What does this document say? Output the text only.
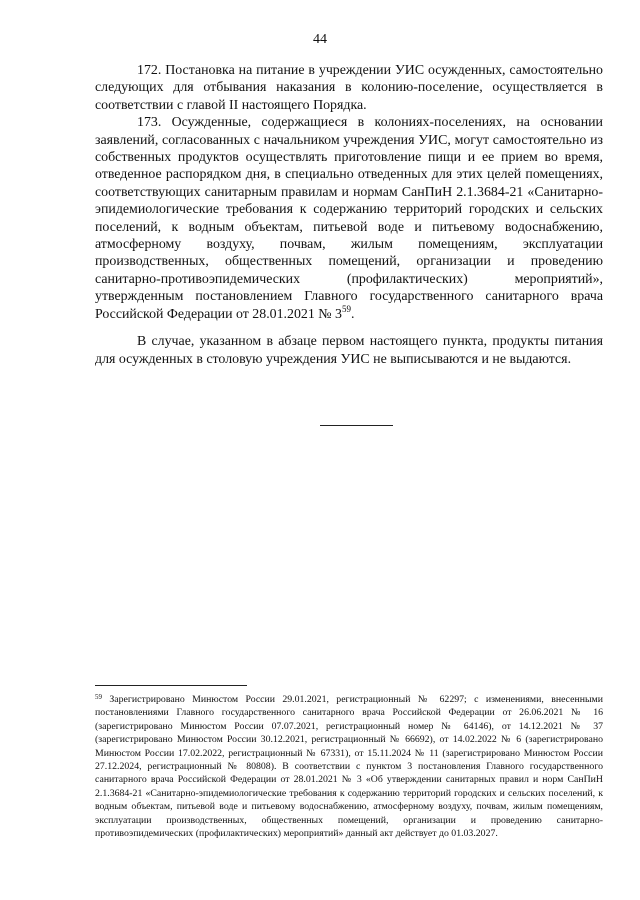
44

172. Постановка на питание в учреждении УИС осужденных, самостоятельно следующих для отбывания наказания в колонию-поселение, осуществляется в соответствии с главой II настоящего Порядка.

173. Осужденные, содержащиеся в колониях-поселениях, на основании заявлений, согласованных с начальником учреждения УИС, могут самостоятельно из собственных продуктов осуществлять приготовление пищи и ее прием во время, отведенное распорядком дня, в специально отведенных для этих целей помещениях, соответствующих санитарным правилам и нормам СанПиН 2.1.3684-21 «Санитарно-эпидемиологические требования к содержанию территорий городских и сельских поселений, к водным объектам, питьевой воде и питьевому водоснабжению, атмосферному воздуху, почвам, жилым помещениям, эксплуатации производственных, общественных помещений, организации и проведению санитарно-противоэпидемических (профилактических) мероприятий», утвержденным постановлением Главного государственного санитарного врача Российской Федерации от 28.01.2021 № $3^{59}$.

В случае, указанном в абзаце первом настоящего пункта, продукты питания для осужденных в столовую учреждения УИС не выписываются и не выдаются.

$^{59}$ Зарегистрировано Минюстом России 29.01.2021, регистрационный № 62297; с изменениями, внесенными постановлениями Главного государственного санитарного врача Российской Федерации от 26.06.2021 № 16 (зарегистрировано Минюстом России 07.07.2021, регистрационный номер № 64146), от 14.12.2021 № 37 (зарегистрировано Минюстом России 30.12.2021, регистрационный № 66692), от 14.02.2022 № 6 (зарегистрировано Минюстом России 17.02.2022, регистрационный № 67331), от 15.11.2024 № 11 (зарегистрировано Минюстом России 27.12.2024, регистрационный № 80808). В соответствии с пунктом 3 постановления Главного государственного санитарного врача Российской Федерации от 28.01.2021 № 3 «Об утверждении санитарных правил и норм СанПиН 2.1.3684-21 «Санитарно-эпидемиологические требования к содержанию территорий городских и сельских поселений, к водным объектам, питьевой воде и питьевому водоснабжению, атмосферному воздуху, почвам, жилым помещениям, эксплуатации производственных, общественных помещений, организации и проведению санитарно-противоэпидемических (профилактических) мероприятий» данный акт действует до 01.03.2027.
